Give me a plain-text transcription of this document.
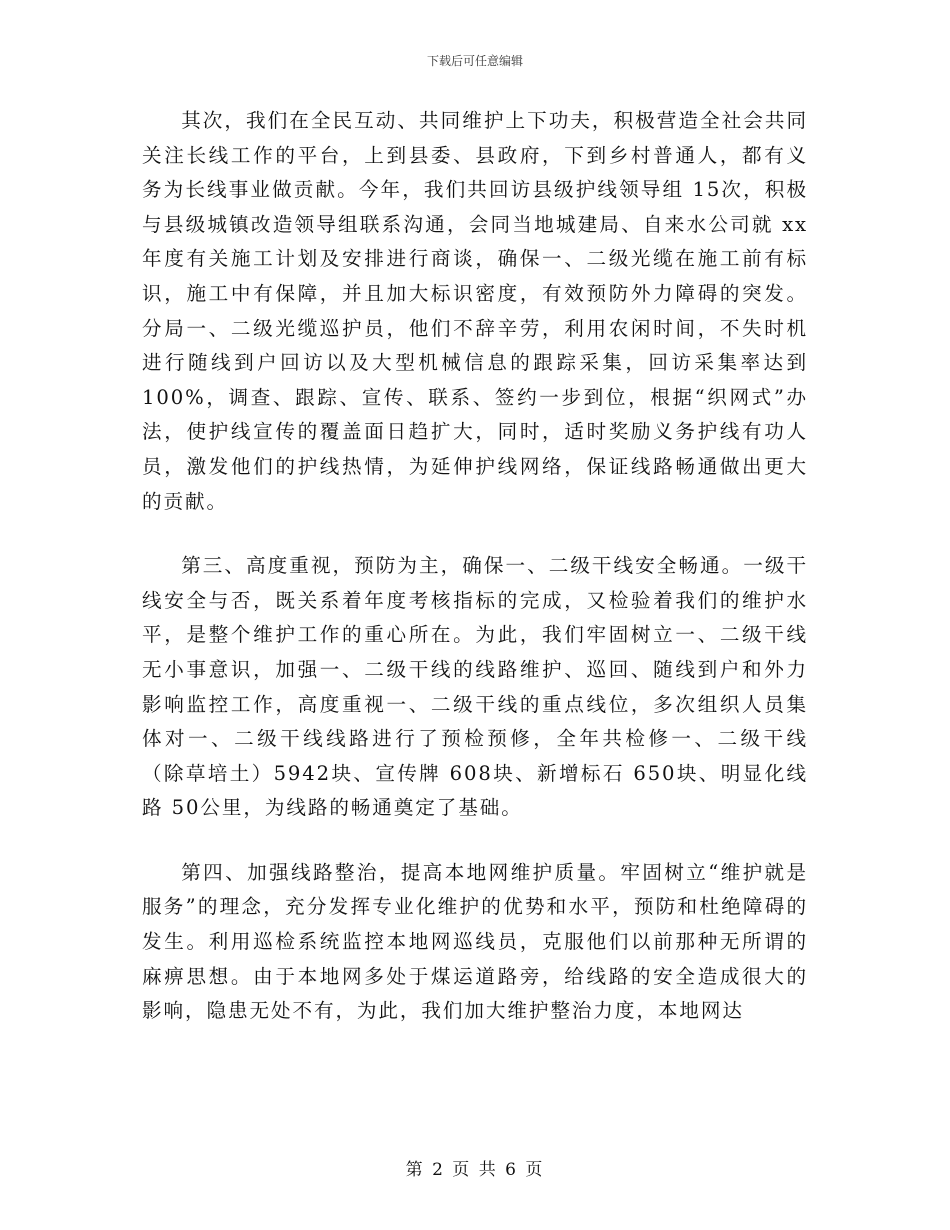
下载后可任意编辑

其次，我们在全民互动、共同维护上下功夫，积极营造全社会共同关注长线工作的平台，上到县委、县政府，下到乡村普通人，都有义务为长线事业做贡献。今年，我们共回访县级护线领导组 15次，积极与县级城镇改造领导组联系沟通，会同当地城建局、自来水公司就 xx年度有关施工计划及安排进行商谈，确保一、二级光缆在施工前有标识，施工中有保障，并且加大标识密度，有效预防外力障碍的突发。分局一、二级光缆巡护员，他们不辞辛劳，利用农闲时间，不失时机进行随线到户回访以及大型机械信息的跟踪采集，回访采集率达到 100%，调查、跟踪、宣传、联系、签约一步到位，根据“织网式”办法，使护线宣传的覆盖面日趋扩大，同时，适时奖励义务护线有功人员，激发他们的护线热情，为延伸护线网络，保证线路畅通做出更大的贡献。

第三、高度重视，预防为主，确保一、二级干线安全畅通。一级干线安全与否，既关系着年度考核指标的完成，又检验着我们的维护水平，是整个维护工作的重心所在。为此，我们牢固树立一、二级干线无小事意识，加强一、二级干线的线路维护、巡回、随线到户和外力影响监控工作，高度重视一、二级干线的重点线位，多次组织人员集体对一、二级干线线路进行了预检预修，全年共检修一、二级干线（除草培土）5942块、宣传牌 608块、新增标石 650块、明显化线路 50公里，为线路的畅通奠定了基础。

第四、加强线路整治，提高本地网维护质量。牢固树立“维护就是服务”的理念，充分发挥专业化维护的优势和水平，预防和杜绝障碍的发生。利用巡检系统监控本地网巡线员，克服他们以前那种无所谓的麻痹思想。由于本地网多处于煤运道路旁，给线路的安全造成很大的影响，隐患无处不有，为此，我们加大维护整治力度，本地网达

第 2 页 共 6 页
